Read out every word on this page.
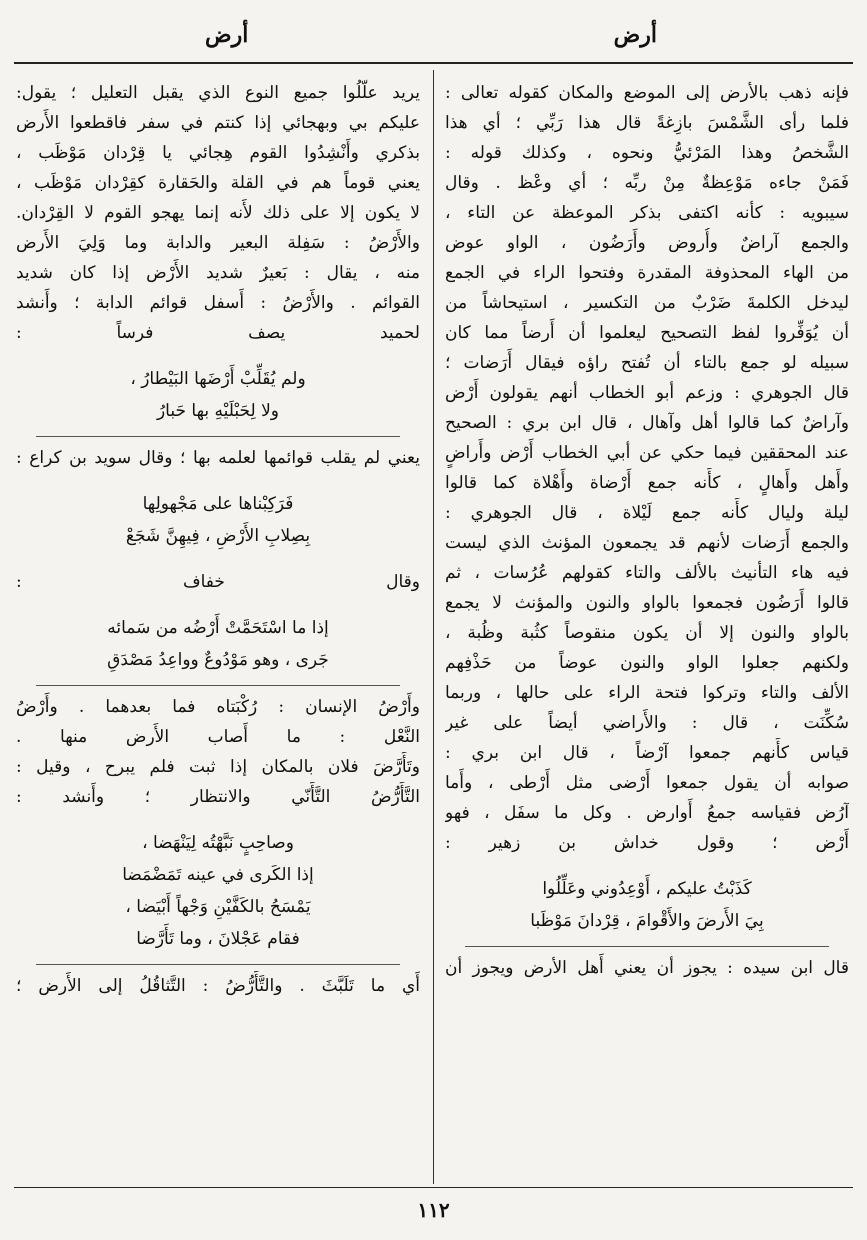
أرض
أرض
فإنه ذهب بالأرض إلى الموضع والمكان كقوله تعالى :
فلما رأى الشَّمْسَ بازِغةً قال هذا رَبِّي ؛ أي هذا
الشَّخصُ وهذا المَرْئيُّ ونحوه ، وكذلك قوله :
فَمَنْ جاءه مَوْعِظةٌ مِنْ ربِّه ؛ أي وعْظ . وقال
سيبويه : كأنه اكتفى بذكر الموعظة عن التاء ،
والجمع آراضٌ وأُروض وأَرَضُون ، الواو عوض
من الهاء المحذوفة المقدرة وفتحوا الراء في الجمع
ليدخل الكلمةَ ضَرْبٌ من التكسير ، استيحاشاً من
أن يُوَفِّروا لفظ التصحيح ليعلموا أن أَرضاً مما كان
سبيله لو جمع بالتاء أن تُفتح راؤه فيقال أَرَضات ؛
قال الجوهري : وزعم أبو الخطاب أنهم يقولون أَرْض
وآراضٌ كما قالوا أهل وآهال ، قال ابن بري : الصحيح
عند المحققين فيما حكي عن أبي الخطاب أَرْض وأَراضٍ
وأَهل وأَهالٍ ، كأَنه جمع أَرْضاة وأَهْلاة كما قالوا
ليلة وليال كأَنه جمع لَيْلاة ، قال الجوهري :
والجمع أَرَضات لأنهم قد يجمعون المؤنث الذي ليست
فيه هاء التأنيث بالألف والتاء كقولهم عُرُسات ، ثم
قالوا أَرَضُون فجمعوا بالواو والنون والمؤنث لا يجمع
بالواو والنون إلا أن يكون منقوصاً كثُبة وظُبة ،
ولكنهم جعلوا الواو والنون عوضاً من حَذْفِهم
الألف والتاء وتركوا فتحة الراء على حالها ، وربما
سُكِّنَت ، قال : والأَراضي أيضاً على غير
قياس كأَنهم جمعوا آرْضاً ، قال ابن بري :
صوابه أن يقول جمعوا أَرْضى مثل أَرْطى ، وأَما
آرُض فقياسه جمعُ أَوارض . وكل ما سفَل ، فهو
أَرْض ؛ وقول خداش بن زهير :
كَذَبْتُ عليكم ، أَوْعِدُوني وعَلِّلُوا
بِيَ الأَرضَ والأَقْوامَ ، قِرْدانَ مَوْظَبا
قال ابن سيده : يجوز أن يعني أَهل الأرض ويجوز أن
يريد علّلُوا جميع النوع الذي يقبل التعليل ؛ يقول:
عليكم بي وبهجائي إذا كنتم في سفر فاقطعوا الأَرض
بذكري وأَنْشِدُوا القوم هِجائي يا قِرْدان مَوْظَب ،
يعني قوماً هم في القلة والحَقارة كقِرْدان مَوْظَب ،
لا يكون إلا على ذلك لأَنه إنما يهجو القوم لا القِرْدان.
والأَرْضُ : سَفِلة البعير والدابة وما وَلِيَ الأَرض
منه ، يقال : بَعيرٌ شديد الأَرْض إذا كان شديد
القوائم . والأَرْضُ : أَسفل قوائم الدابة ؛ وأَنشد
لحميد يصف فرساً :
ولم يُقَلِّبْ أَرْضَها البَيْطارُ ،
ولا لِحَبْلَيْهِ بها حَبارُ
يعني لم يقلب قوائمها لعلمه بها ؛ وقال سويد بن كراع :
فَرَكِبْناها على مَجْهولِها
بِصِلابِ الأَرْضِ ، فِيهِنَّ شَجَعْ
وقال خفاف :
إذا ما اسْتَحَمَّتْ أَرْضُه من سَمائه
جَرى ، وهو مَوْدُوعٌ وواعِدُ مَصْدَقِ
وأَرْضُ الإنسان : رُكْبَتاه فما بعدهما . وأَرْضُ
النَّعْل : ما أَصاب الأَرض منها .
وتَأَرَّضَ فلان بالمكان إذا ثبت فلم يبرح ، وقيل :
التَّأَرُّضُ التَّأَنّي والانتظار ؛ وأَنشد :
وصاحِبٍ نَبَّهْتُه لِيَنْهَضا ،
إذا الكَرى في عينه تَمَضْمَضا
يَمْسَحُ بالكَفَّيْنِ وَجْهاً أَبْيَضا ،
فقام عَجْلانَ ، وما تَأَرَّضا
أَي ما تَلَبَّثَ . والتَّأَرُّضُ : التَّثاقُلُ إلى الأَرض ؛
١١٢
